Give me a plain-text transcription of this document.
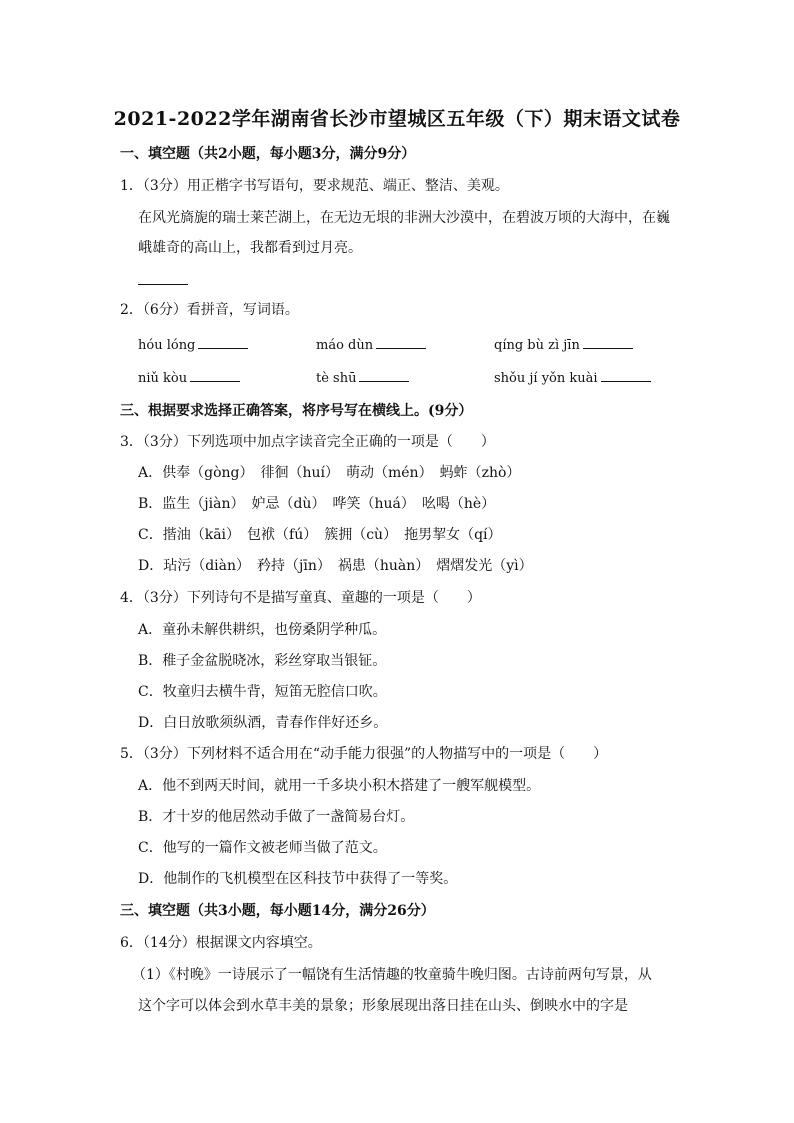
2021-2022学年湖南省长沙市望城区五年级（下）期末语文试卷
一、填空题（共2小题，每小题3分，满分9分）
1．（3分）用正楷字书写语句，要求规范、端正、整洁、美观。
在风光旖旎的瑞士莱芒湖上，在无边无垠的非洲大沙漠中，在碧波万顷的大海中，在巍
峨雄奇的高山上，我都看到过月亮。
2．（6分）看拼音，写词语。
hóu lóng	máo dùn	qíng bù zì jīn
niǔ kòu	tè shū	shǒu jí yǒn kuài
三、根据要求选择正确答案，将序号写在横线上。(9分）
3．（3分）下列选项中加点字读音完全正确的一项是（　　）
A．供奉（gòng）　徘徊（huí）　萌动（mén）　蚂蚱（zhò）
B．监生（jiàn）　妒忌（dù）　哗笑（huá）　吆喝（hè）
C．揩油（kāi）　包袱（fú）　簇拥（cù）　拖男挈女（qí）
D．玷污（diàn）　矜持（jīn）　祸患（huàn）　熠熠发光（yì）
4．（3分）下列诗句不是描写童真、童趣的一项是（　　）
A．童孙未解供耕织，也傍桑阴学种瓜。
B．稚子金盆脱晓冰，彩丝穿取当银钲。
C．牧童归去横牛背，短笛无腔信口吹。
D．白日放歌须纵酒，青春作伴好还乡。
5．（3分）下列材料不适合用在“动手能力很强”的人物描写中的一项是（　　）
A．他不到两天时间，就用一千多块小积木搭建了一艘军舰模型。
B．才十岁的他居然动手做了一盏简易台灯。
C．他写的一篇作文被老师当做了范文。
D．他制作的飞机模型在区科技节中获得了一等奖。
三、填空题（共3小题，每小题14分，满分26分）
6．（14分）根据课文内容填空。
（1）《村晚》一诗展示了一幅饶有生活情趣的牧童骑牛晚归图。古诗前两句写景，从
这个字可以体会到水草丰美的景象；形象展现出落日挂在山头、倒映水中的字是
